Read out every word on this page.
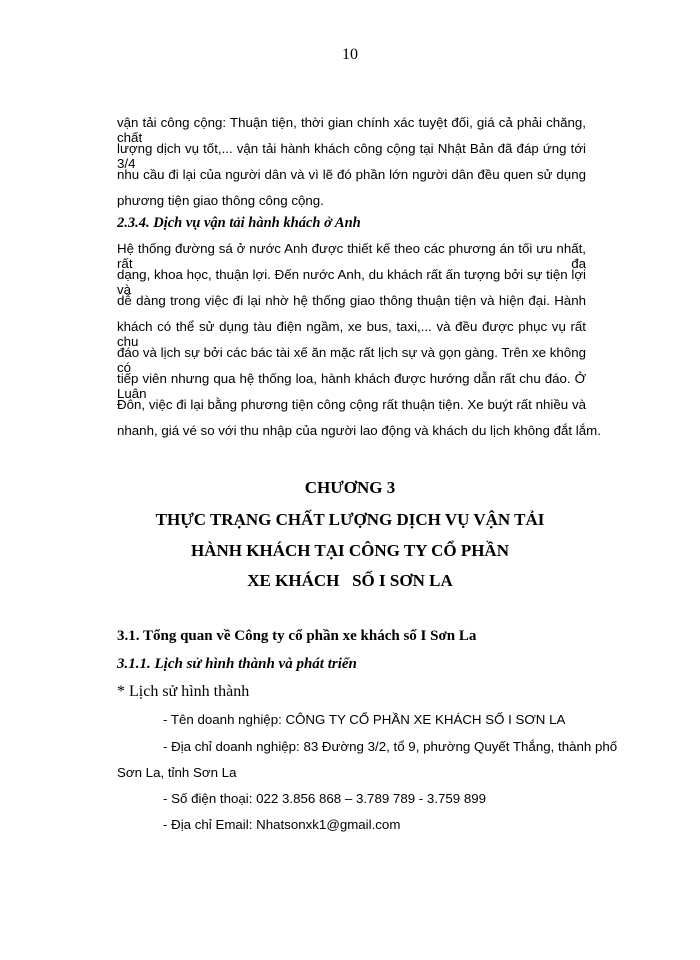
10
vận tải công cộng: Thuận tiện, thời gian chính xác tuyệt đối, giá cả phải chăng, chất
lượng dịch vụ tốt,... vận tải hành khách công cộng tại Nhật Bản đã đáp ứng tới 3/4
nhu cầu đi lại của người dân và vì lẽ đó phần lớn người dân đều quen sử dụng
phương tiện giao thông công cộng.
2.3.4. Dịch vụ vận tải hành khách ở Anh
Hệ thống đường sá ở nước Anh được thiết kế theo các phương án tối ưu nhất, rất đa
dạng, khoa học, thuận lợi. Đến nước Anh, du khách rất ấn tượng bởi sự tiện lợi và
dễ dàng trong việc đi lại nhờ hệ thống giao thông thuận tiện và hiện đại. Hành
khách có thể sử dụng tàu điện ngầm, xe bus, taxi,... và đều được phục vụ rất chu
đáo và lịch sự bởi các bác tài xế ăn mặc rất lịch sự và gọn gàng. Trên xe không có
tiếp viên nhưng qua hệ thống loa, hành khách được hướng dẫn rất chu đáo. Ở Luân
Đôn, việc đi lại bằng phương tiện công cộng rất thuận tiện. Xe buýt rất nhiều và
nhanh, giá vé so với thu nhập của người lao động và khách du lịch không đắt lắm.
CHƯƠNG 3
THỰC TRẠNG CHẤT LƯỢNG DỊCH VỤ VẬN TẢI
HÀNH KHÁCH TẠI CÔNG TY CỔ PHẦN
XE KHÁCH   SỐ I SƠN LA
3.1. Tổng quan về Công ty cổ phần xe khách số I Sơn La
3.1.1. Lịch sử hình thành và phát triển
* Lịch sử hình thành
- Tên doanh nghiệp: CÔNG TY CỔ PHẦN XE KHÁCH SỐ I SƠN LA
- Địa chỉ doanh nghiệp: 83 Đường 3/2, tổ 9, phường Quyết Thắng, thành phố
Sơn La, tỉnh Sơn La
- Số điện thoại: 022 3.856 868 – 3.789 789 - 3.759 899
- Địa chỉ Email: Nhatsonxk1@gmail.com
